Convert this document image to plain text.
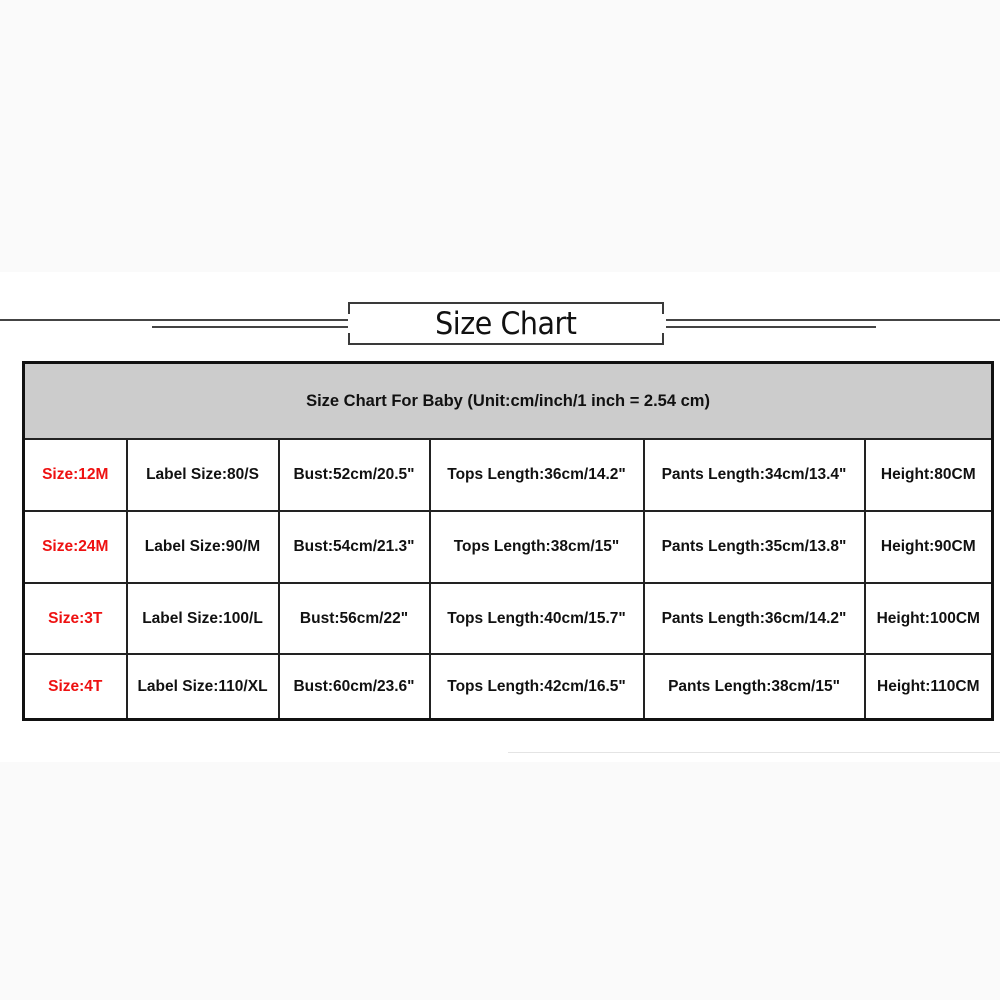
Size Chart
Size Chart For Baby (Unit:cm/inch/1 inch = 2.54 cm)					
Size:12M	Label Size:80/S	Bust:52cm/20.5"	Tops Length:36cm/14.2"	Pants Length:34cm/13.4"	Height:80CM
Size:24M	Label Size:90/M	Bust:54cm/21.3"	Tops Length:38cm/15"	Pants Length:35cm/13.8"	Height:90CM
Size:3T	Label Size:100/L	Bust:56cm/22"	Tops Length:40cm/15.7"	Pants Length:36cm/14.2"	Height:100CM
Size:4T	Label Size:110/XL	Bust:60cm/23.6"	Tops Length:42cm/16.5"	Pants Length:38cm/15"	Height:110CM
